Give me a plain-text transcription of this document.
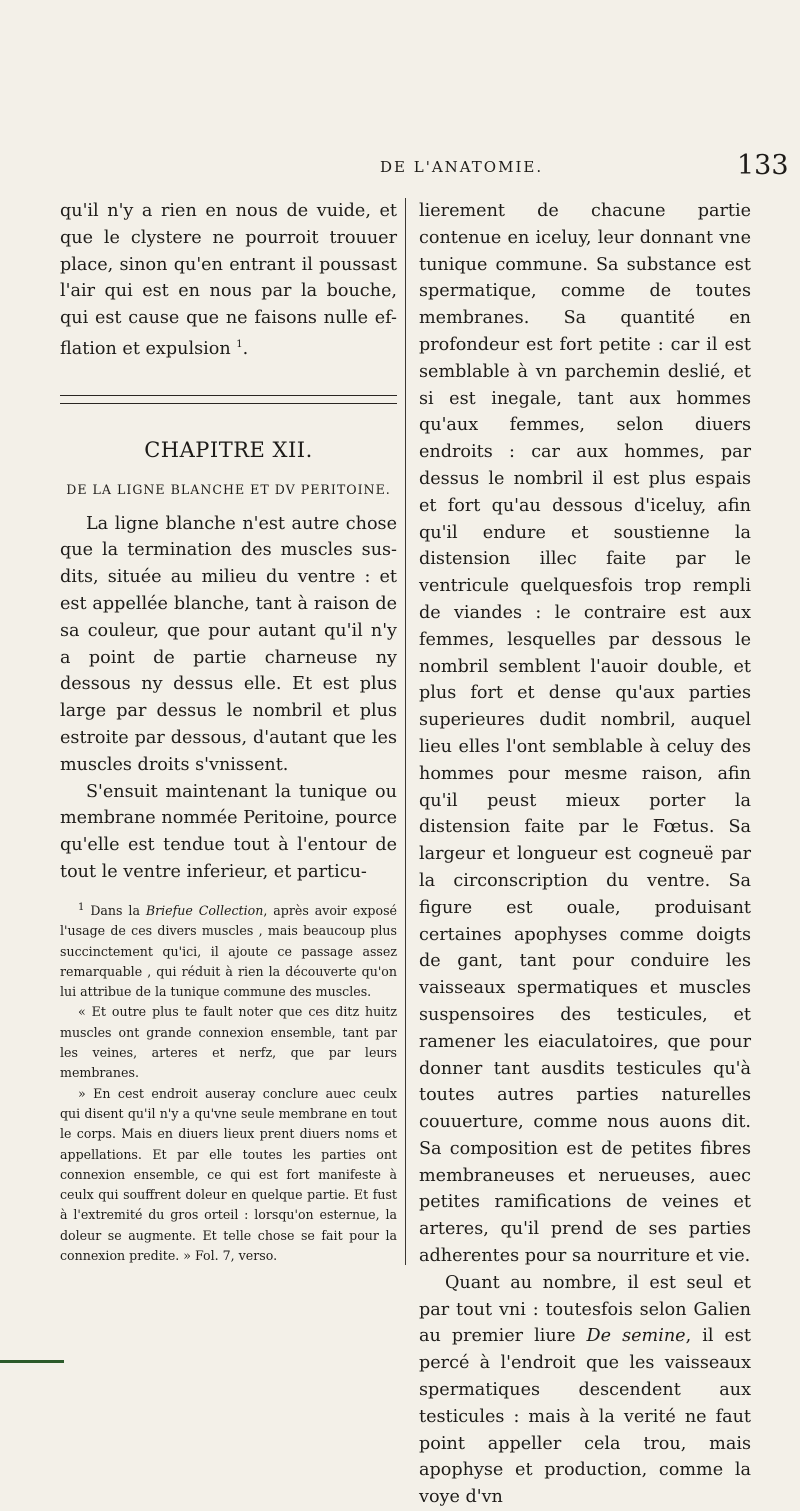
DE L'ANATOMIE.	133

qu'il n'y a rien en nous de vuide, et que le clystere ne pourroit trouuer place, sinon qu'en entrant il poussast l'air qui est en nous par la bouche, qui est cause que ne faisons nulle ef-flation et expulsion $^1$.

CHAPITRE XII.
DE LA LIGNE BLANCHE ET DV PERITOINE.

La ligne blanche n'est autre chose que la termination des muscles sus-dits, située au milieu du ventre : et est appellée blanche, tant à raison de sa couleur, que pour autant qu'il n'y a point de partie charneuse ny dessous ny dessus elle. Et est plus large par dessus le nombril et plus estroite par dessous, d'autant que les muscles droits s'vnissent.

S'ensuit maintenant la tunique ou membrane nommée Peritoine, pource qu'elle est tendue tout à l'entour de tout le ventre inferieur, et particu-

$^1$ Dans la Briefue Collection, après avoir exposé l'usage de ces divers muscles , mais beaucoup plus succinctement qu'ici, il ajoute ce passage assez remarquable , qui réduit à rien la découverte qu'on lui attribue de la tunique commune des muscles.

« Et outre plus te fault noter que ces ditz huitz muscles ont grande connexion ensemble, tant par les veines, arteres et nerfz, que par leurs membranes.

» En cest endroit auseray conclure auec ceulx qui disent qu'il n'y a qu'vne seule membrane en tout le corps. Mais en diuers lieux prent diuers noms et appellations. Et par elle toutes les parties ont connexion ensemble, ce qui est fort manifeste à ceulx qui souffrent doleur en quelque partie. Et fust à l'extremité du gros orteil : lorsqu'on esternue, la doleur se augmente. Et telle chose se fait pour la connexion predite. » Fol. 7, verso.

lierement de chacune partie contenue en iceluy, leur donnant vne tunique commune. Sa substance est spermatique, comme de toutes membranes. Sa quantité en profondeur est fort petite : car il est semblable à vn parchemin deslié, et si est inegale, tant aux hommes qu'aux femmes, selon diuers endroits : car aux hommes, par dessus le nombril il est plus espais et fort qu'au dessous d'iceluy, afin qu'il endure et soustienne la distension illec faite par le ventricule quelquesfois trop rempli de viandes : le contraire est aux femmes, lesquelles par dessous le nombril semblent l'auoir double, et plus fort et dense qu'aux parties superieures dudit nombril, auquel lieu elles l'ont semblable à celuy des hommes pour mesme raison, afin qu'il peust mieux porter la distension faite par le Fœtus. Sa largeur et longueur est cogneuë par la circonscription du ventre. Sa figure est ouale, produisant certaines apophyses comme doigts de gant, tant pour conduire les vaisseaux spermatiques et muscles suspensoires des testicules, et ramener les eiaculatoires, que pour donner tant ausdits testicules qu'à toutes autres parties naturelles couuerture, comme nous auons dit. Sa composition est de petites fibres membraneuses et nerueuses, auec petites ramifications de veines et arteres, qu'il prend de ses parties adherentes pour sa nourriture et vie.

Quant au nombre, il est seul et par tout vni : toutesfois selon Galien au premier liure De semine, il est percé à l'endroit que les vaisseaux spermatiques descendent aux testicules : mais à la verité ne faut point appeller cela trou, mais apophyse et production, comme la voye d'vn
